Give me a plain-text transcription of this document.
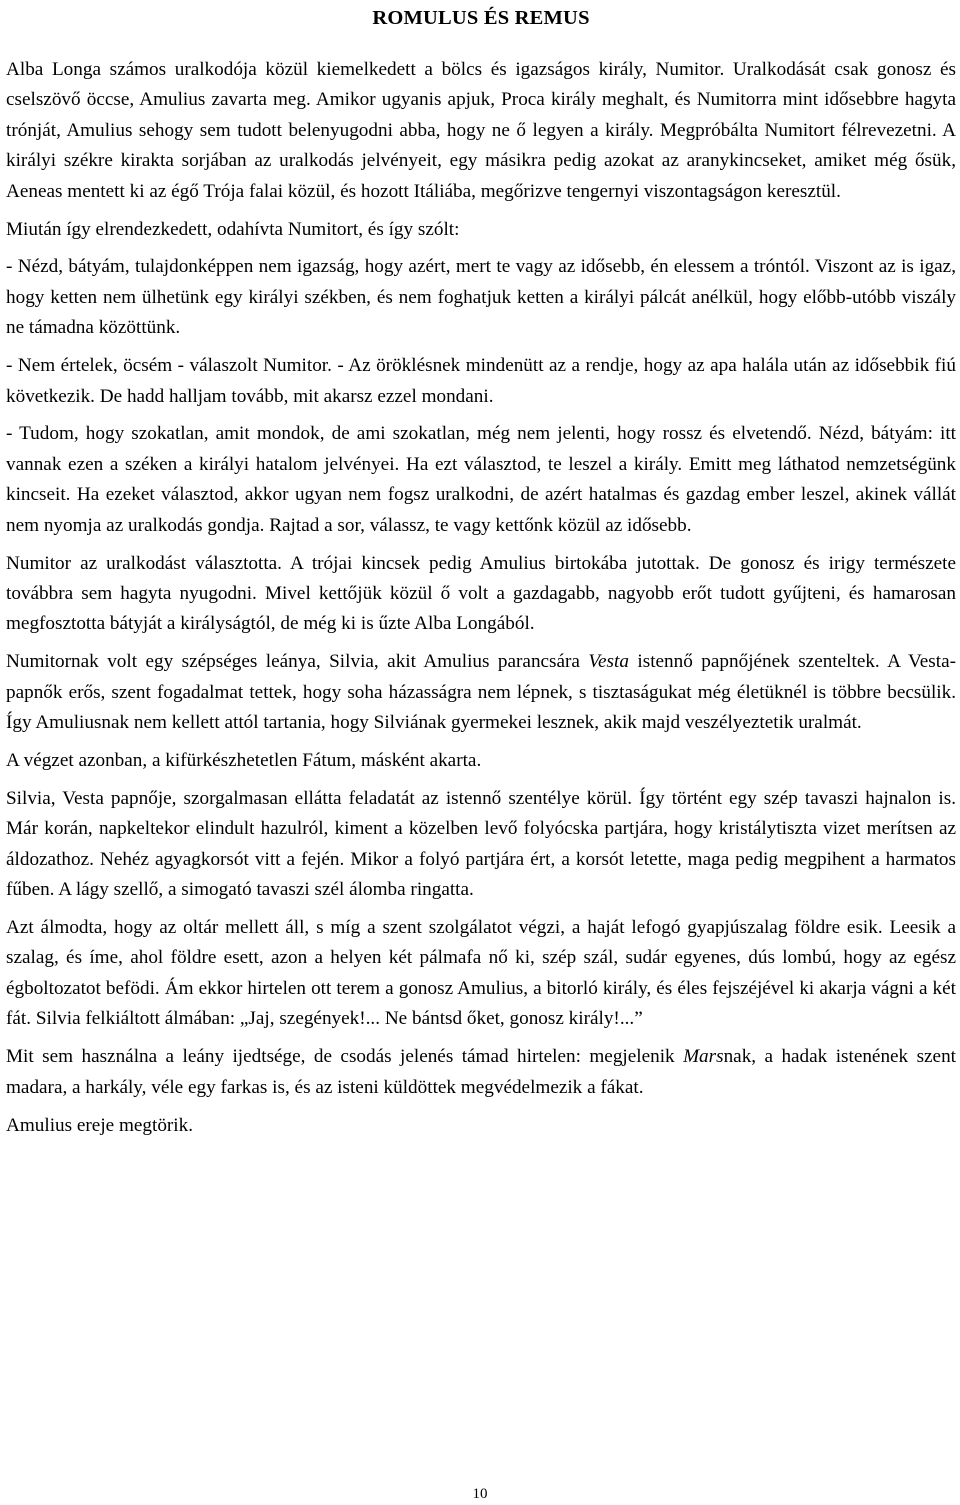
ROMULUS ÉS REMUS

Alba Longa számos uralkodója közül kiemelkedett a bölcs és igazságos király, Numitor. Uralkodását csak gonosz és cselszövő öccse, Amulius zavarta meg. Amikor ugyanis apjuk, Proca király meghalt, és Numitorra mint idősebbre hagyta trónját, Amulius sehogy sem tudott belenyugodni abba, hogy ne ő legyen a király. Megpróbálta Numitort félrevezetni. A királyi székre kirakta sorjában az uralkodás jelvényeit, egy másikra pedig azokat az aranykincseket, amiket még ősük, Aeneas mentett ki az égő Trója falai közül, és hozott Itáliába, megőrizve tengernyi viszontagságon keresztül.

Miután így elrendezkedett, odahívta Numitort, és így szólt:

- Nézd, bátyám, tulajdonképpen nem igazság, hogy azért, mert te vagy az idősebb, én elessem a tróntól. Viszont az is igaz, hogy ketten nem ülhetünk egy királyi székben, és nem foghatjuk ketten a királyi pálcát anélkül, hogy előbb-utóbb viszály ne támadna közöttünk.

- Nem értelek, öcsém - válaszolt Numitor. - Az öröklésnek mindenütt az a rendje, hogy az apa halála után az idősebbik fiú következik. De hadd halljam tovább, mit akarsz ezzel mondani.

- Tudom, hogy szokatlan, amit mondok, de ami szokatlan, még nem jelenti, hogy rossz és elvetendő. Nézd, bátyám: itt vannak ezen a széken a királyi hatalom jelvényei. Ha ezt választod, te leszel a király. Emitt meg láthatod nemzetségünk kincseit. Ha ezeket választod, akkor ugyan nem fogsz uralkodni, de azért hatalmas és gazdag ember leszel, akinek vállát nem nyomja az uralkodás gondja. Rajtad a sor, válassz, te vagy kettőnk közül az idősebb.

Numitor az uralkodást választotta. A trójai kincsek pedig Amulius birtokába jutottak. De gonosz és irigy természete továbbra sem hagyta nyugodni. Mivel kettőjük közül ő volt a gazdagabb, nagyobb erőt tudott gyűjteni, és hamarosan megfosztotta bátyját a királyságtól, de még ki is űzte Alba Longából.

Numitornak volt egy szépséges leánya, Silvia, akit Amulius parancsára Vesta istennő papnőjének szenteltek. A Vesta-papnők erős, szent fogadalmat tettek, hogy soha házasságra nem lépnek, s tisztaságukat még életüknél is többre becsülik. Így Amuliusnak nem kellett attól tartania, hogy Silviának gyermekei lesznek, akik majd veszélyeztetik uralmát.

A végzet azonban, a kifürkészhetetlen Fátum, másként akarta.

Silvia, Vesta papnője, szorgalmasan ellátta feladatát az istennő szentélye körül. Így történt egy szép tavaszi hajnalon is. Már korán, napkeltekor elindult hazulról, kiment a közelben levő folyócska partjára, hogy kristálytiszta vizet merítsen az áldozathoz. Nehéz agyagkorsót vitt a fején. Mikor a folyó partjára ért, a korsót letette, maga pedig megpihent a harmatos fűben. A lágy szellő, a simogató tavaszi szél álomba ringatta.

Azt álmodta, hogy az oltár mellett áll, s míg a szent szolgálatot végzi, a haját lefogó gyapjúszalag földre esik. Leesik a szalag, és íme, ahol földre esett, azon a helyen két pálmafa nő ki, szép szál, sudár egyenes, dús lombú, hogy az egész égboltozatot befödi. Ám ekkor hirtelen ott terem a gonosz Amulius, a bitorló király, és éles fejszéjével ki akarja vágni a két fát. Silvia felkiáltott álmában: „Jaj, szegények!... Ne bántsd őket, gonosz király!...”

Mit sem használna a leány ijedtsége, de csodás jelenés támad hirtelen: megjelenik Marsnak, a hadak istenének szent madara, a harkály, véle egy farkas is, és az isteni küldöttek megvédelmezik a fákat.

Amulius ereje megtörik.

10
